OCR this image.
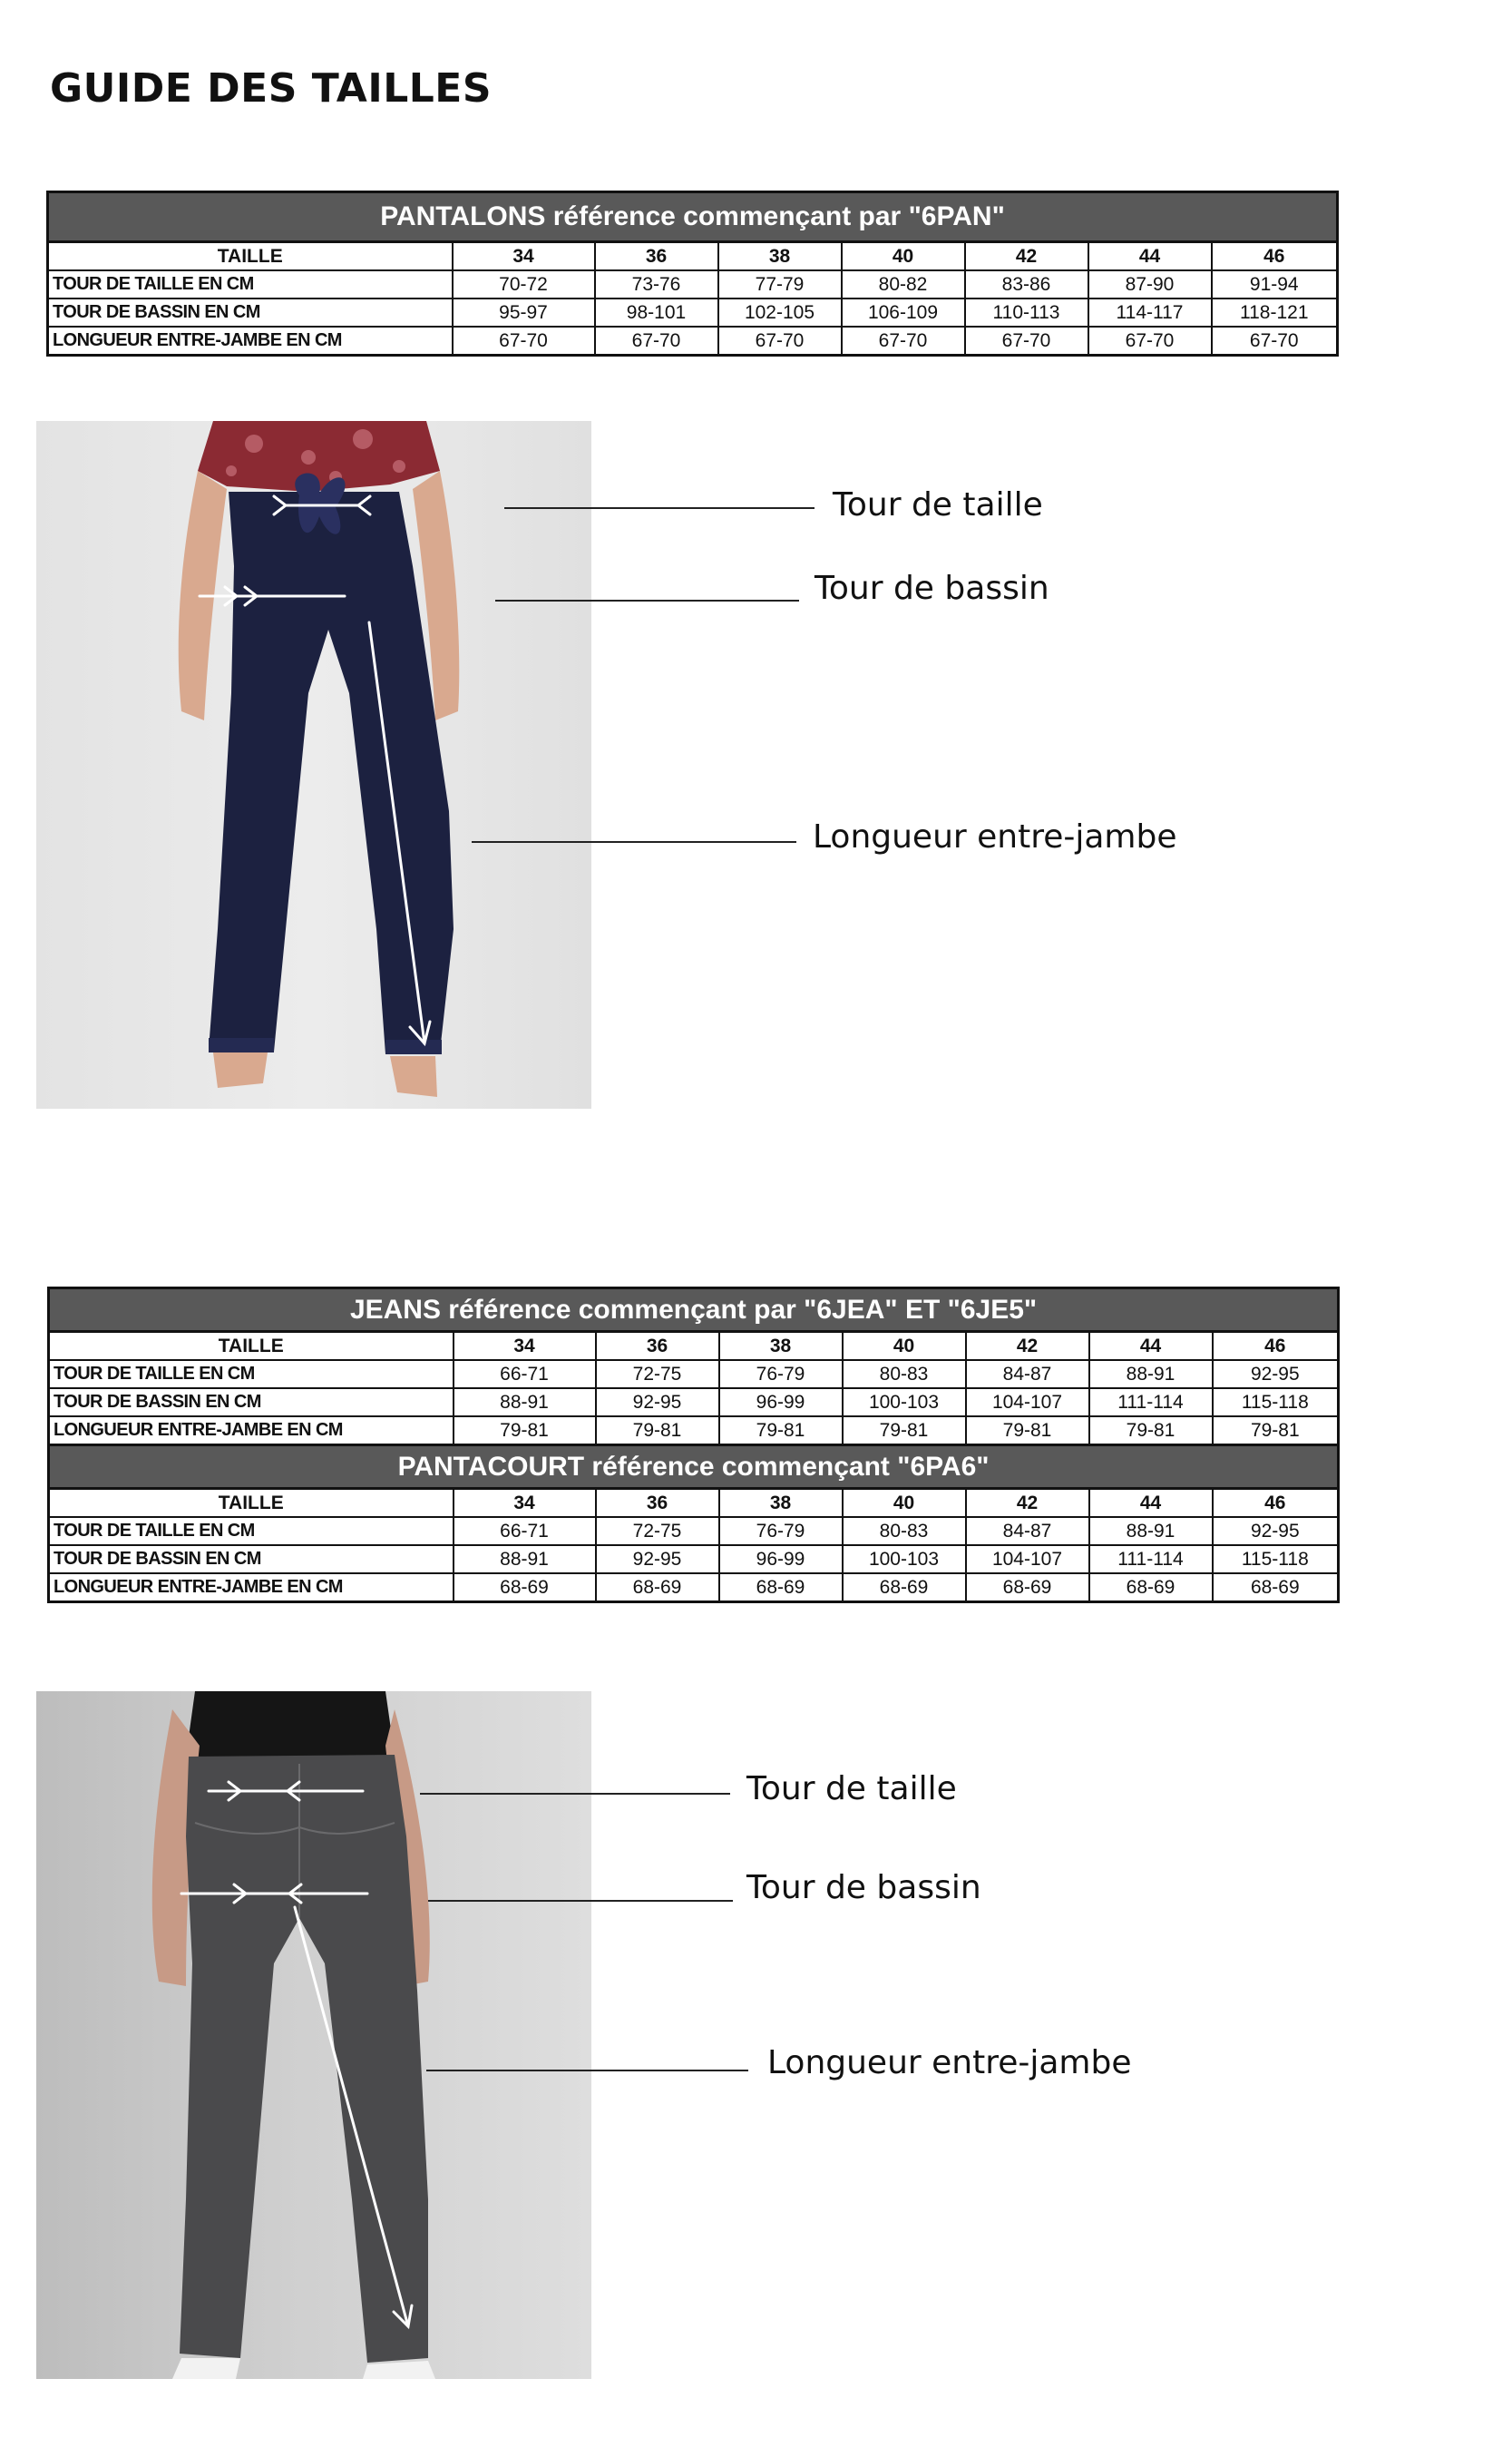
GUIDE DES TAILLES
PANTALONS référence commençant par "6PAN"							
TAILLE	34	36	38	40	42	44	46
TOUR DE TAILLE EN CM	70-72	73-76	77-79	80-82	83-86	87-90	91-94
TOUR DE BASSIN EN CM	95-97	98-101	102-105	106-109	110-113	114-117	118-121
LONGUEUR ENTRE-JAMBE EN CM	67-70	67-70	67-70	67-70	67-70	67-70	67-70

Tour de taille

Tour de bassin

Longueur entre-jambe

JEANS référence commençant par "6JEA" ET "6JE5"							
TAILLE	34	36	38	40	42	44	46
TOUR DE TAILLE EN CM	66-71	72-75	76-79	80-83	84-87	88-91	92-95
TOUR DE BASSIN EN CM	88-91	92-95	96-99	100-103	104-107	111-114	115-118
LONGUEUR ENTRE-JAMBE EN CM	79-81	79-81	79-81	79-81	79-81	79-81	79-81
PANTACOURT référence commençant "6PA6"							
TAILLE	34	36	38	40	42	44	46
TOUR DE TAILLE EN CM	66-71	72-75	76-79	80-83	84-87	88-91	92-95
TOUR DE BASSIN EN CM	88-91	92-95	96-99	100-103	104-107	111-114	115-118
LONGUEUR ENTRE-JAMBE EN CM	68-69	68-69	68-69	68-69	68-69	68-69	68-69

Tour de taille

Tour de bassin

Longueur entre-jambe
